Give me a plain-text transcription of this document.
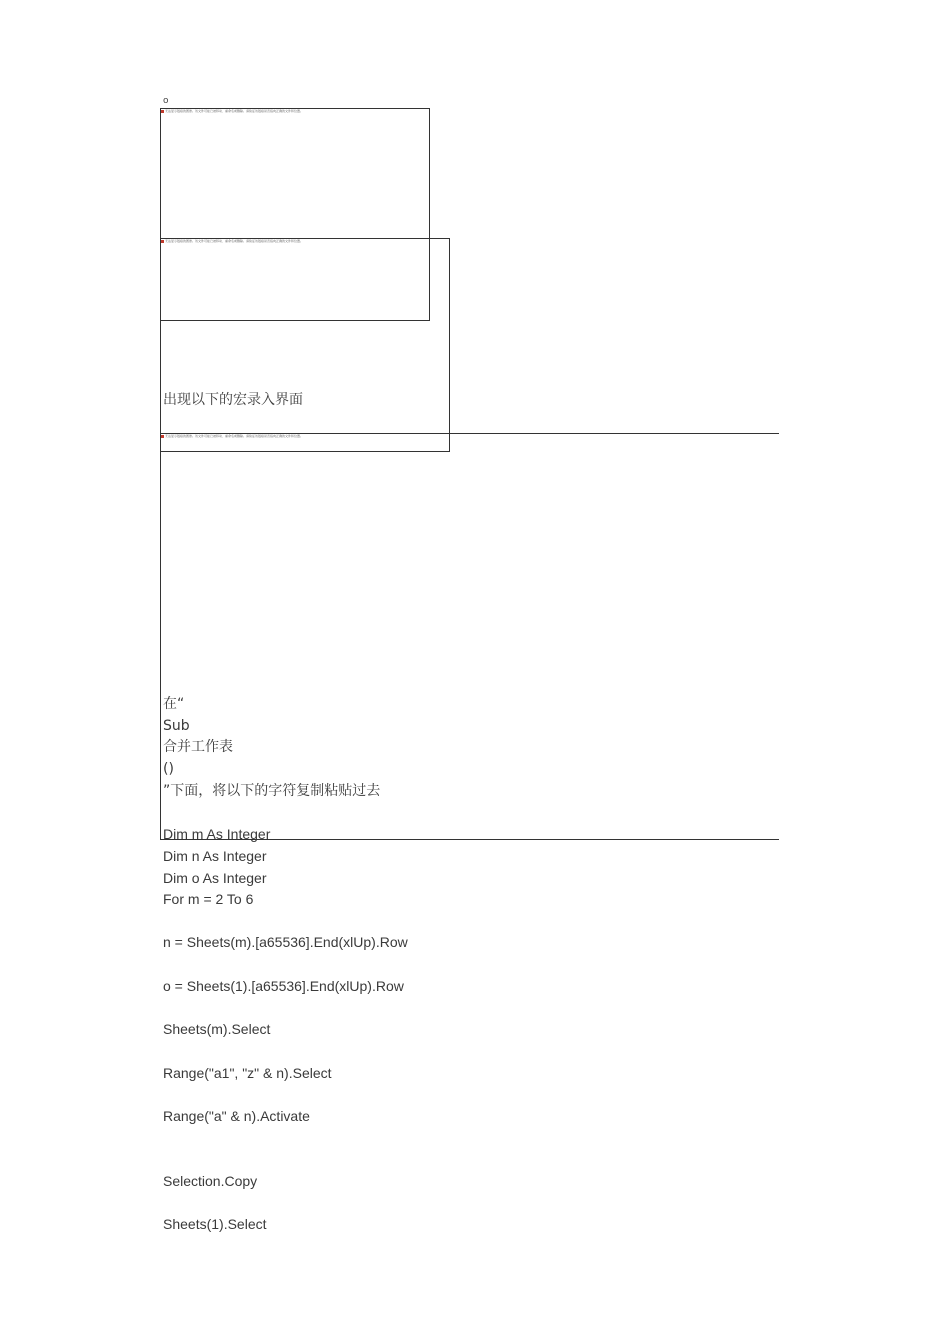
o
无法显示链接的图像。该文件可能已被移动、重命名或删除。请验证该链接是否指向正确的文件和位置。
无法显示链接的图像。该文件可能已被移动、重命名或删除。请验证该链接是否指向正确的文件和位置。
出现以下的宏录入界面
无法显示链接的图像。该文件可能已被移动、重命名或删除。请验证该链接是否指向正确的文件和位置。
在“
Sub
合并工作表
()
”下面，将以下的字符复制粘贴过去
Dim m As Integer
Dim n As Integer
Dim o As Integer
For m = 2 To 6
n = Sheets(m).[a65536].End(xlUp).Row
o = Sheets(1).[a65536].End(xlUp).Row
Sheets(m).Select
Range("a1", "z" & n).Select
Range("a" & n).Activate
Selection.Copy
Sheets(1).Select
